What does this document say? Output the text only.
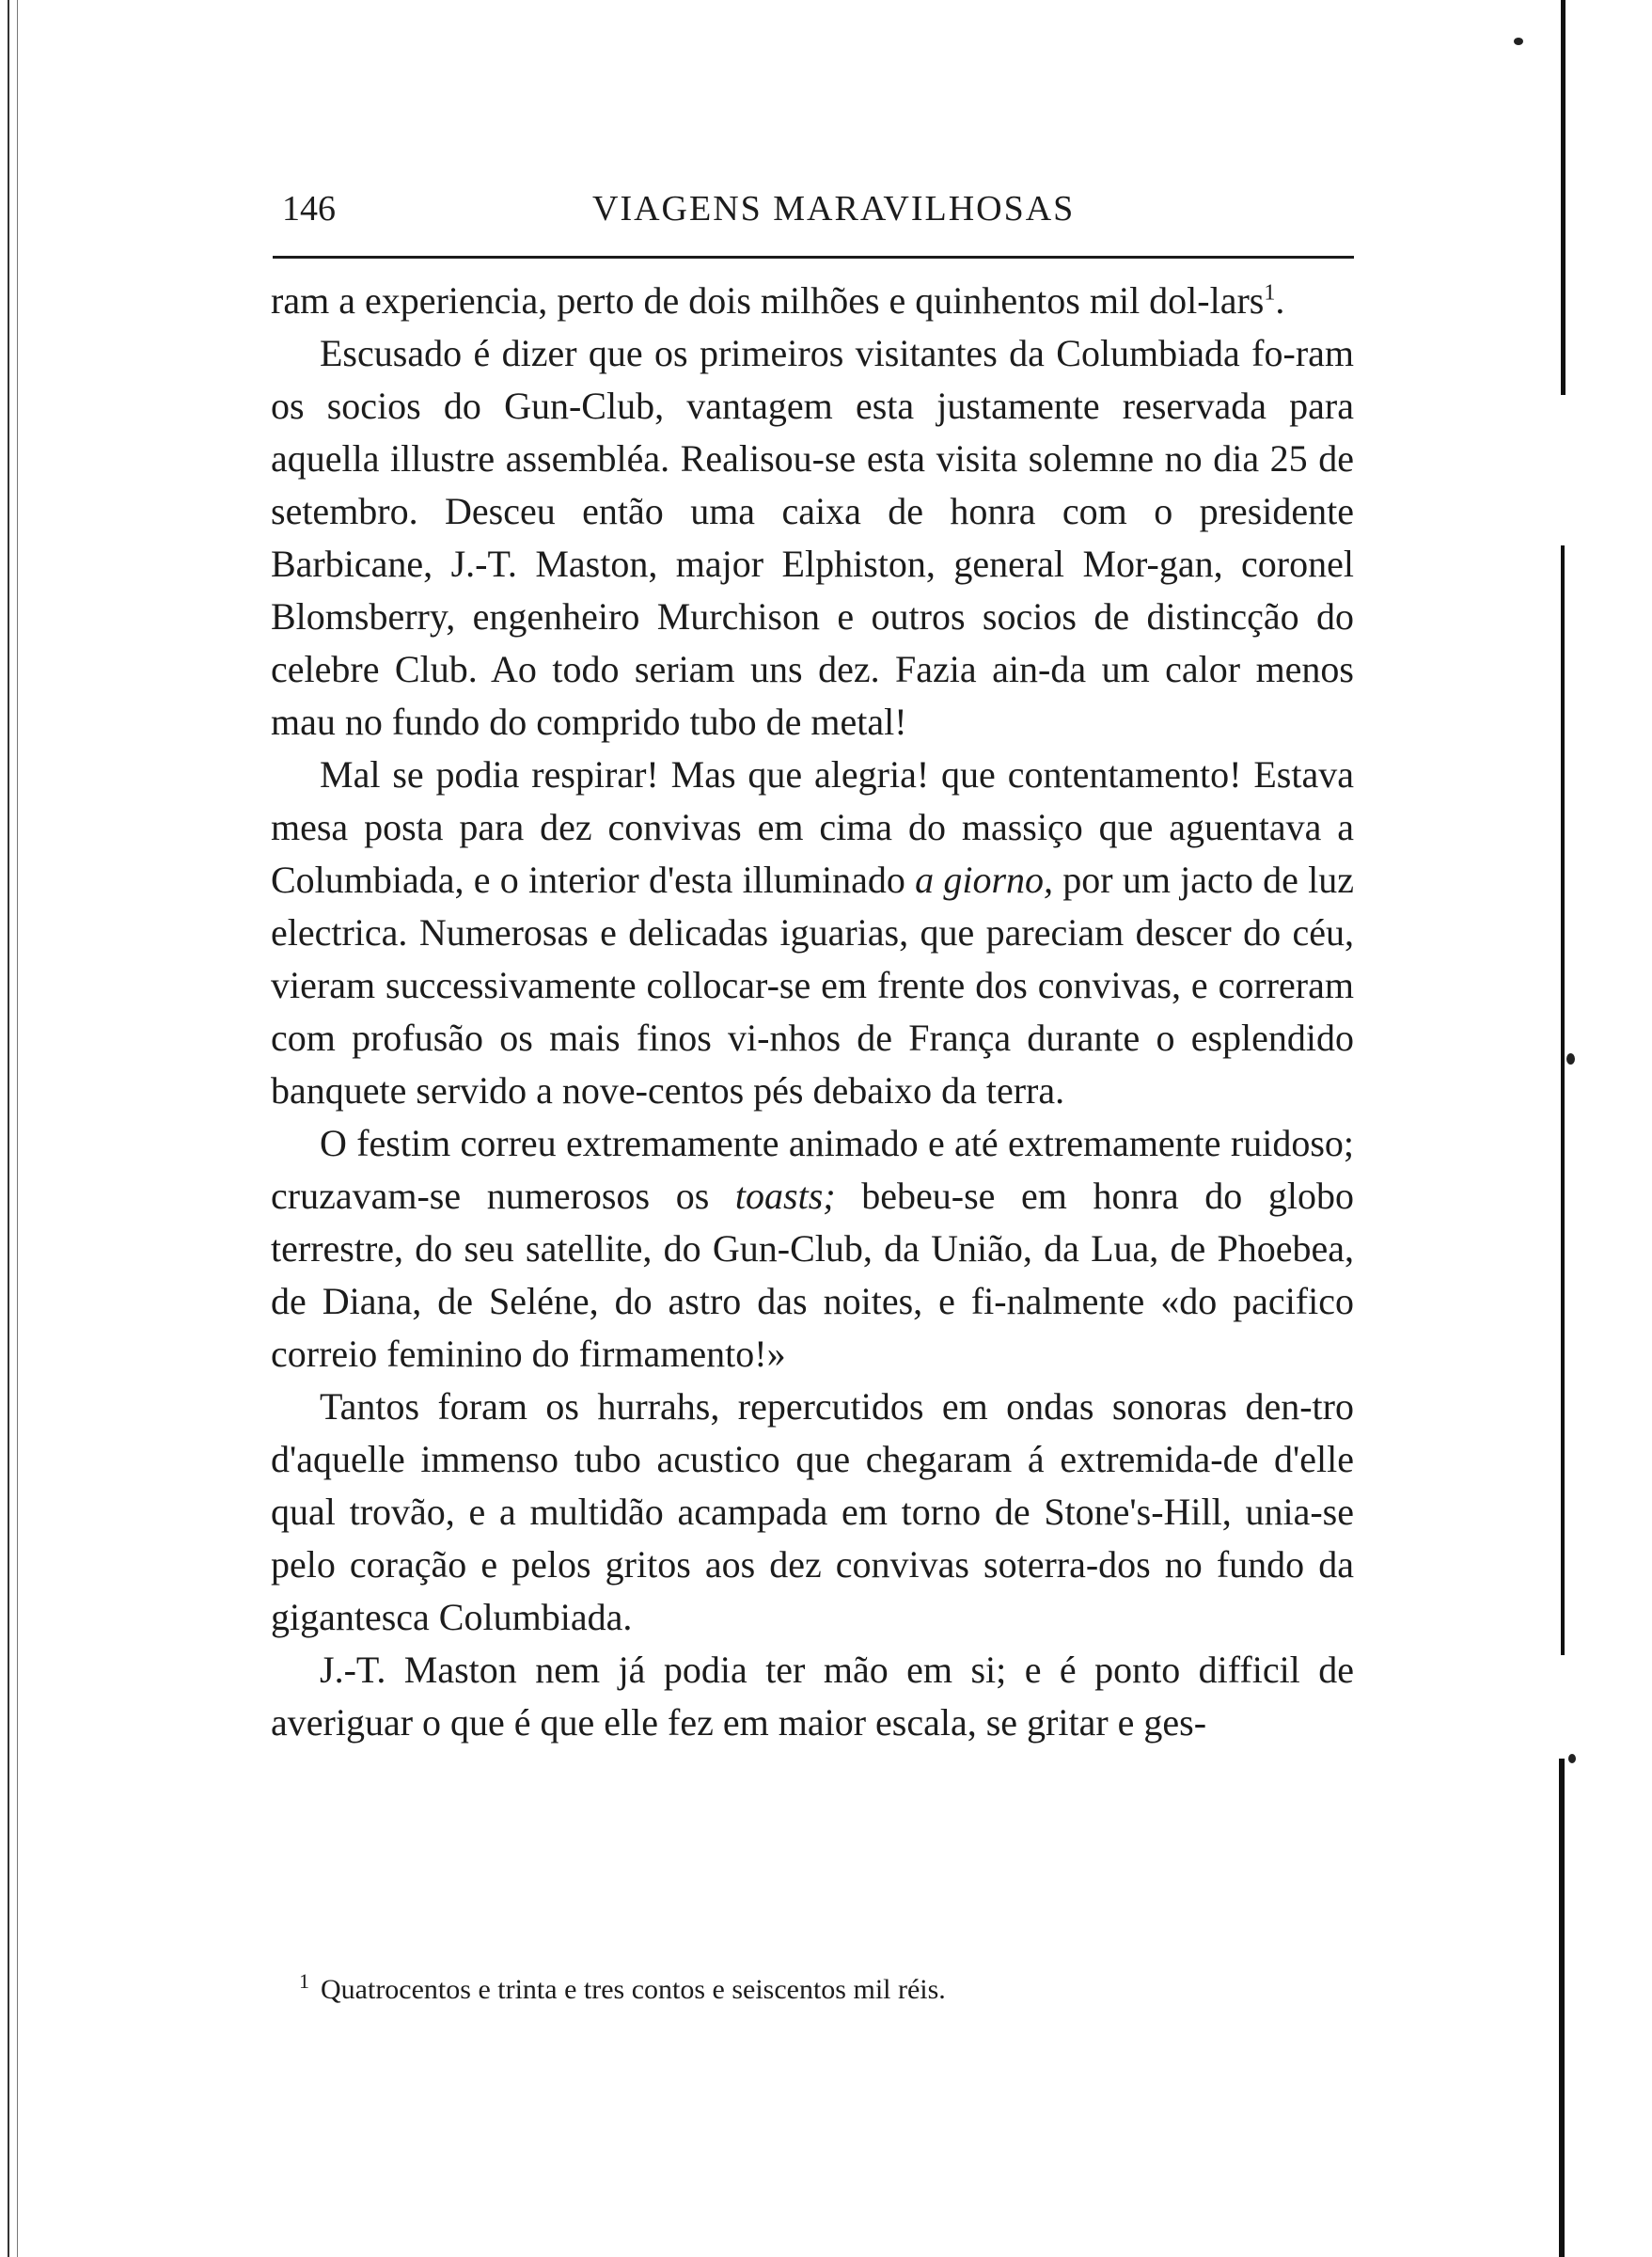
146	VIAGENS MARAVILHOSAS

ram a experiencia, perto de dois milhões e quinhentos mil dol-lars$^1$.

Escusado é dizer que os primeiros visitantes da Columbiada fo-ram os socios do Gun-Club, vantagem esta justamente reservada para aquella illustre assembléa. Realisou-se esta visita solemne no dia 25 de setembro. Desceu então uma caixa de honra com o presidente Barbicane, J.-T. Maston, major Elphiston, general Mor-gan, coronel Blomsberry, engenheiro Murchison e outros socios de distincção do celebre Club. Ao todo seriam uns dez. Fazia ain-da um calor menos mau no fundo do comprido tubo de metal!

Mal se podia respirar! Mas que alegria! que contentamento! Estava mesa posta para dez convivas em cima do massiço que aguentava a Columbiada, e o interior d'esta illuminado a giorno, por um jacto de luz electrica. Numerosas e delicadas iguarias, que pareciam descer do céu, vieram successivamente collocar-se em frente dos convivas, e correram com profusão os mais finos vi-nhos de França durante o esplendido banquete servido a nove-centos pés debaixo da terra.

O festim correu extremamente animado e até extremamente ruidoso; cruzavam-se numerosos os toasts; bebeu-se em honra do globo terrestre, do seu satellite, do Gun-Club, da União, da Lua, de Phoebea, de Diana, de Seléne, do astro das noites, e fi-nalmente «do pacifico correio feminino do firmamento!»

Tantos foram os hurrahs, repercutidos em ondas sonoras den-tro d'aquelle immenso tubo acustico que chegaram á extremida-de d'elle qual trovão, e a multidão acampada em torno de Stone's-Hill, unia-se pelo coração e pelos gritos aos dez convivas soterra-dos no fundo da gigantesca Columbiada.

J.-T. Maston nem já podia ter mão em si; e é ponto difficil de averiguar o que é que elle fez em maior escala, se gritar e ges-

$^1$ Quatrocentos e trinta e tres contos e seiscentos mil réis.
